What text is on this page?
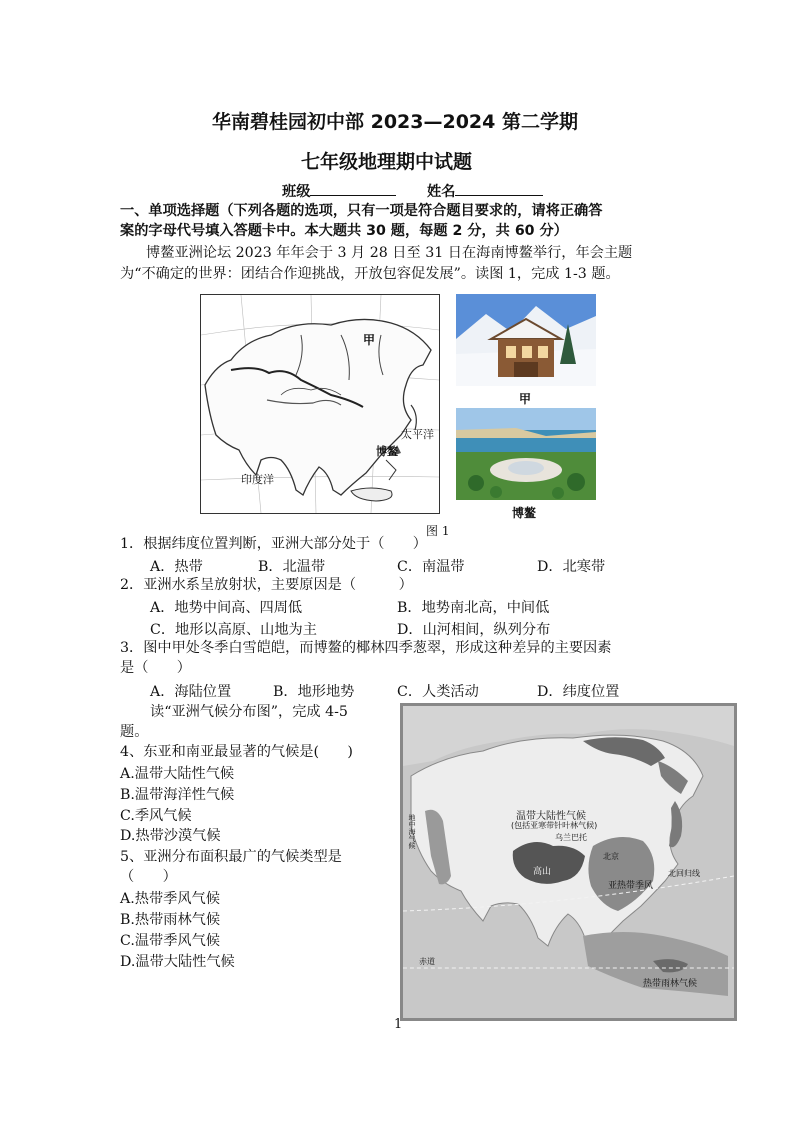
华南碧桂园初中部 2023—2024 第二学期
七年级地理期中试题
班级	姓名
一、单项选择题（下列各题的选项，只有一项是符合题目要求的，请将正确答
案的字母代号填入答题卡中。本大题共 30 题，每题 2 分，共 60 分）
博鳌亚洲论坛 2023 年年会于 3 月 28 日至 31 日在海南博鳌举行，年会主题
为“不确定的世界：团结合作迎挑战，开放包容促发展”。读图 1，完成 1-3 题。
甲
太平洋
博鳌
印度洋
甲
博鳌
图 1
1．根据纬度位置判断，亚洲大部分处于（　　）
A．热带	B．北温带	C．南温带	D．北寒带
2．亚洲水系呈放射状，主要原因是（　　　）
A．地势中间高、四周低	B．地势南北高，中间低
C．地形以高原、山地为主	D．山河相间，纵列分布
3．图中甲处冬季白雪皑皑，而博鳌的椰林四季葱翠，形成这种差异的主要因素
是（　　）
A．海陆位置	B．地形地势	C．人类活动	D．纬度位置
读“亚洲气候分布图”，完成 4-5
题。
4、东亚和南亚最显著的气候是(　　)
A.温带大陆性气候
B.温带海洋性气候
C.季风气候
D.热带沙漠气候
5、亚洲分布面积最广的气候类型是
（　　）
A.热带季风气候
B.热带雨林气候
C.温带季风气候
D.温带大陆性气候
温带大陆性气候
(包括亚寒带针叶林气候)
乌兰巴托
北京
高山
亚热带季风
北回归线
赤道
热带雨林气候
地中海气候
1
